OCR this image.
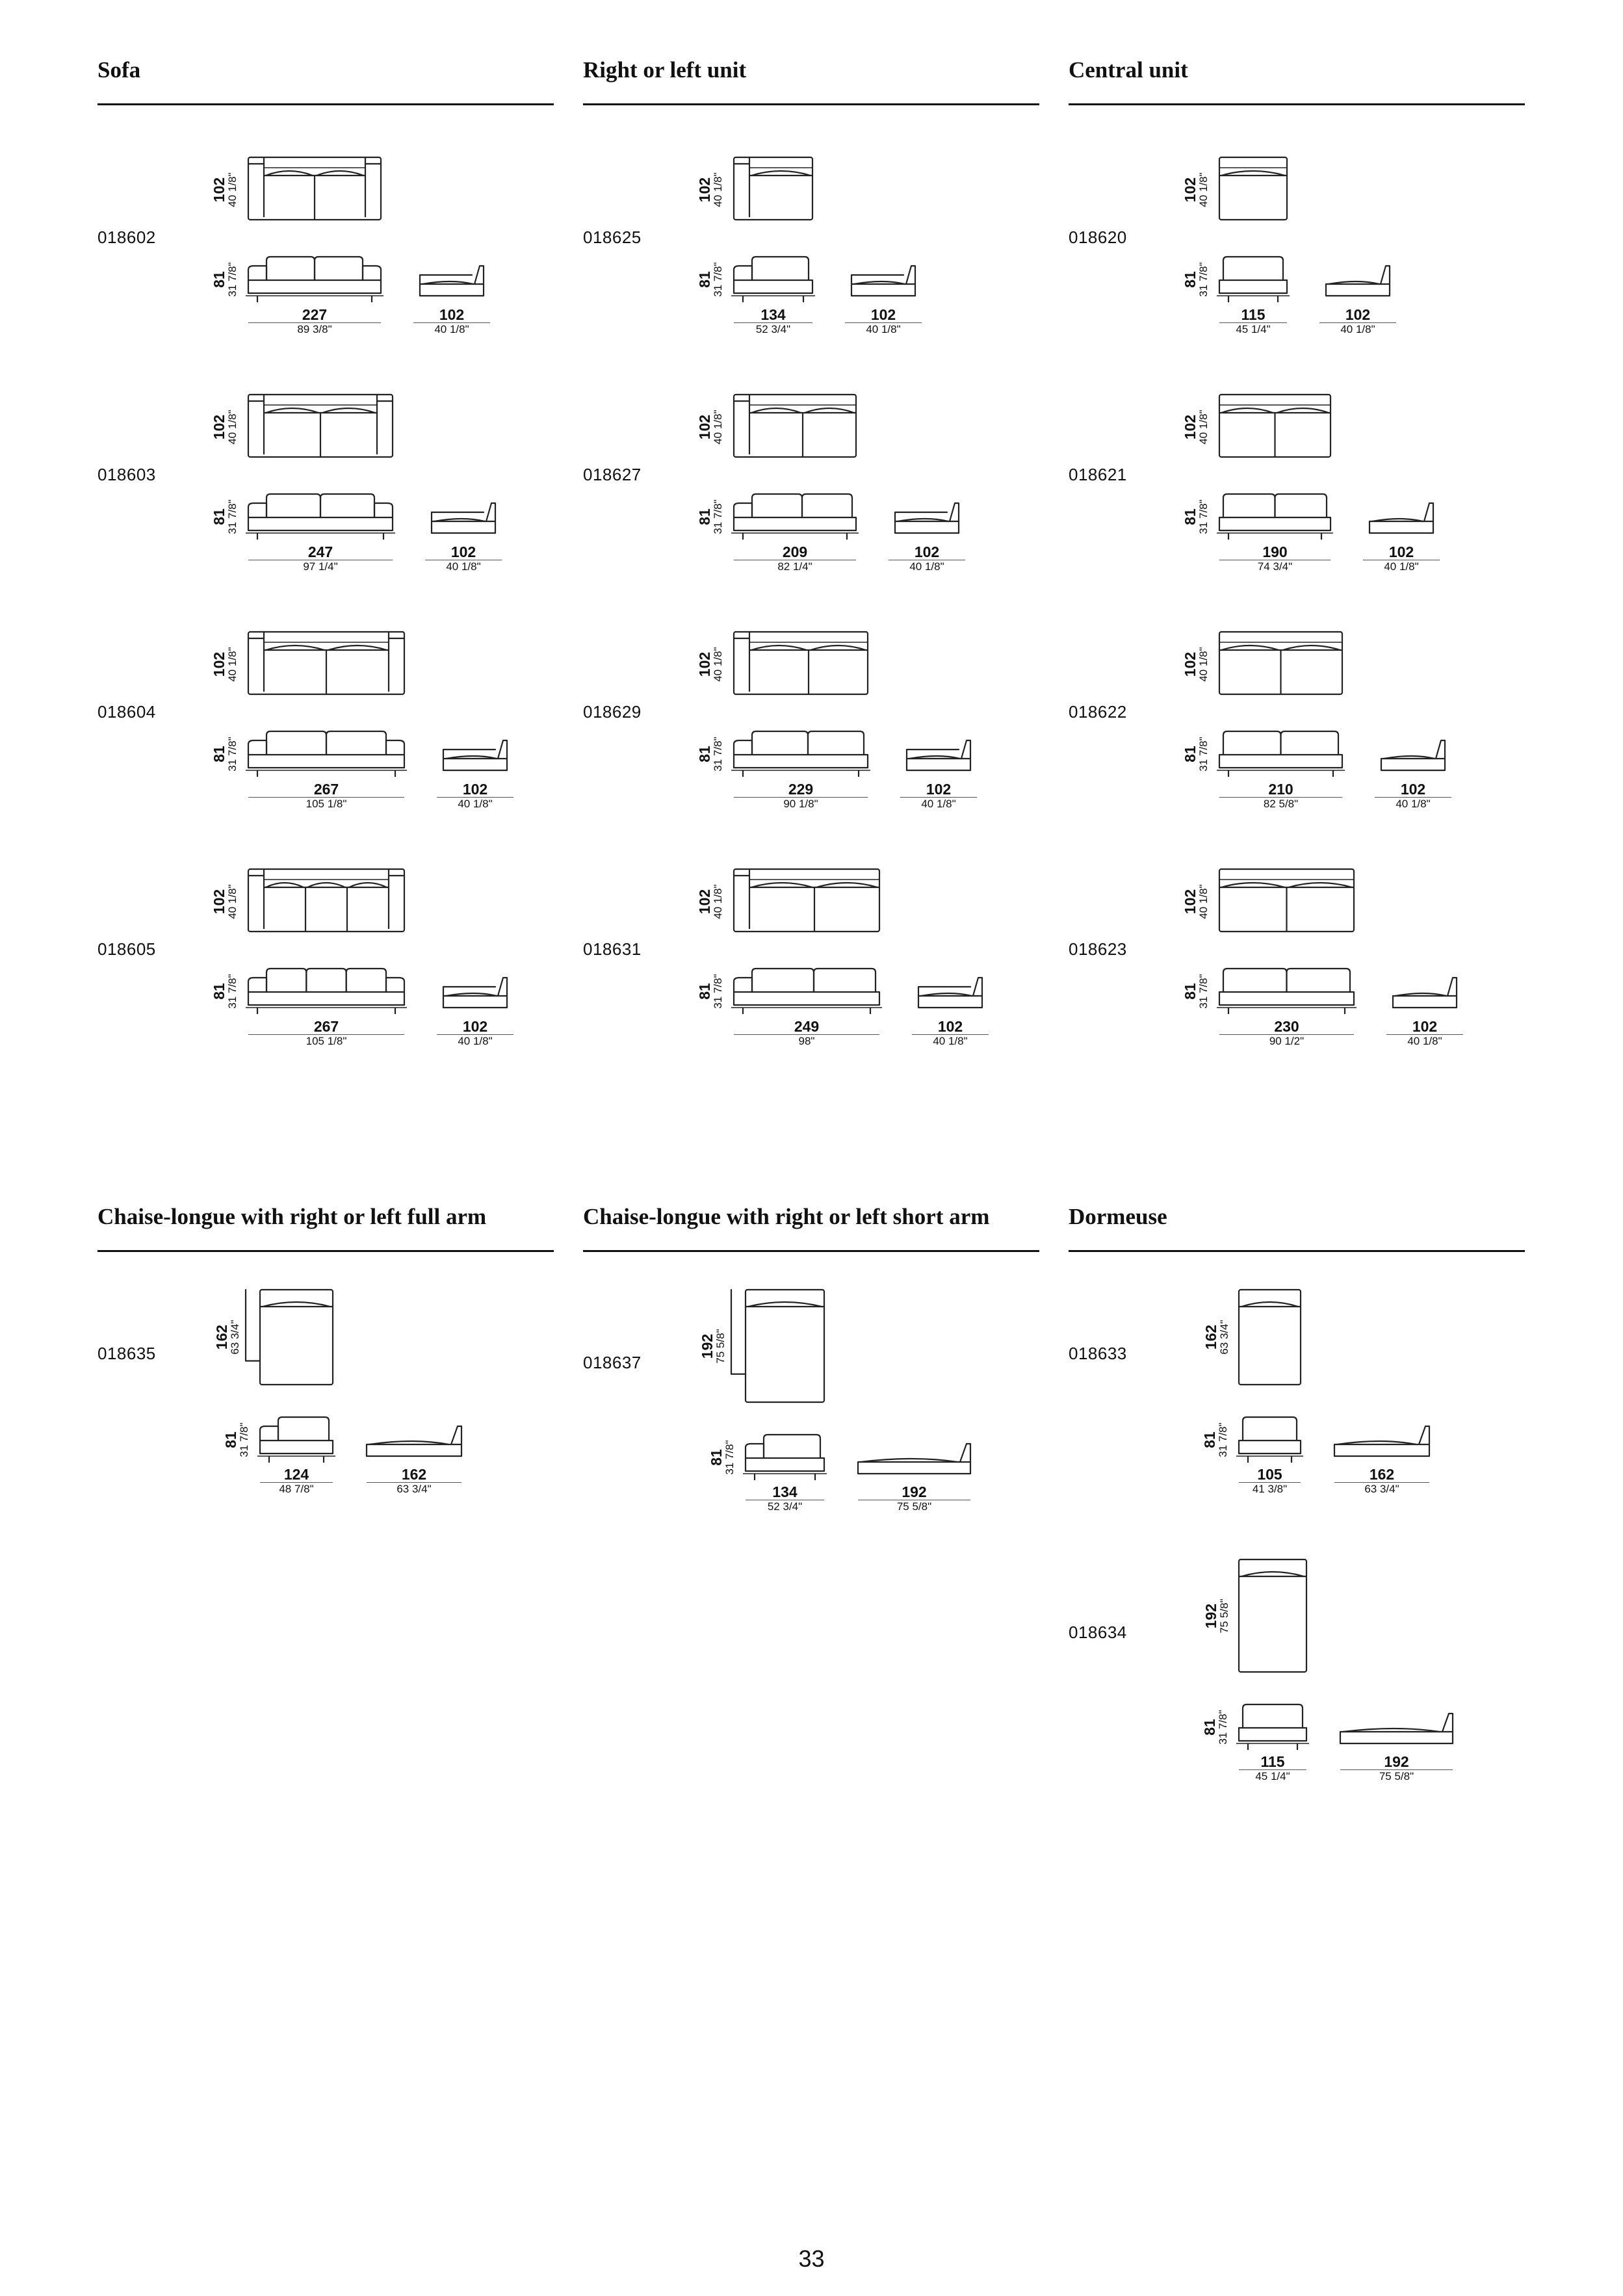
Sofa
018602
102
40 1/8"
81
31 7/8"
227
89 3/8"
102
40 1/8"
018603
102
40 1/8"
81
31 7/8"
247
97 1/4"
102
40 1/8"
018604
102
40 1/8"
81
31 7/8"
267
105 1/8"
102
40 1/8"
018605
102
40 1/8"
81
31 7/8"
267
105 1/8"
102
40 1/8"
Right or left unit
018625
102
40 1/8"
81
31 7/8"
134
52 3/4"
102
40 1/8"
018627
102
40 1/8"
81
31 7/8"
209
82 1/4"
102
40 1/8"
018629
102
40 1/8"
81
31 7/8"
229
90 1/8"
102
40 1/8"
018631
102
40 1/8"
81
31 7/8"
249
98"
102
40 1/8"
Central unit
018620
102
40 1/8"
81
31 7/8"
115
45 1/4"
102
40 1/8"
018621
102
40 1/8"
81
31 7/8"
190
74 3/4"
102
40 1/8"
018622
102
40 1/8"
81
31 7/8"
210
82 5/8"
102
40 1/8"
018623
102
40 1/8"
81
31 7/8"
230
90 1/2"
102
40 1/8"
Chaise-longue with right or left full arm
018635
162
63 3/4"
81
31 7/8"
124
48 7/8"
162
63 3/4"
Chaise-longue with right or left short arm
018637
192
75 5/8"
81
31 7/8"
134
52 3/4"
192
75 5/8"
Dormeuse
018633
162
63 3/4"
81
31 7/8"
105
41 3/8"
162
63 3/4"
018634
192
75 5/8"
81
31 7/8"
115
45 1/4"
192
75 5/8"
33
